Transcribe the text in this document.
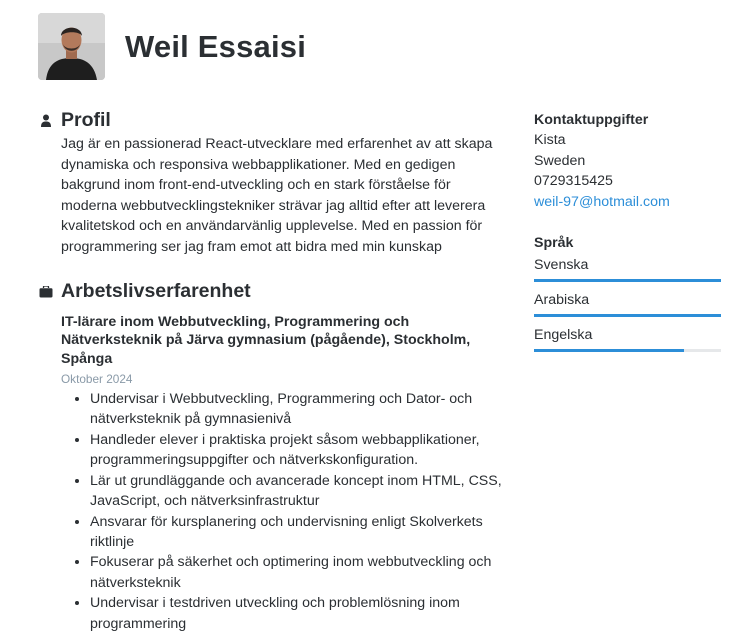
Weil Essaisi
Profil
Jag är en passionerad React-utvecklare med erfarenhet av att skapa dynamiska och responsiva webbapplikationer. Med en gedigen bakgrund inom front-end-utveckling och en stark förståelse för moderna webbutvecklingstekniker strävar jag alltid efter att leverera kvalitetskod och en användarvänlig upplevelse. Med en passion för programmering ser jag fram emot att bidra med min kunskap
Arbetslivserfarenhet
IT-lärare inom Webbutveckling, Programmering och Nätverksteknik på Järva gymnasium (pågående), Stockholm, Spånga
Oktober 2024
• Undervisar i Webbutveckling, Programmering och Dator- och nätverksteknik på gymnasienivå
• Handleder elever i praktiska projekt såsom webbapplikationer, programmeringsuppgifter och nätverkskonfiguration.
• Lär ut grundläggande och avancerade koncept inom HTML, CSS, JavaScript, och nätverksinfrastruktur
• Ansvarar för kursplanering och undervisning enligt Skolverkets riktlinje
• Fokuserar på säkerhet och optimering inom webbutveckling och nätverksteknik
• Undervisar i testdriven utveckling och problemlösning inom programmering
Kontaktuppgifter
Kista
Sweden
0729315425
weil-97@hotmail.com
Språk
Svenska
Arabiska
Engelska
